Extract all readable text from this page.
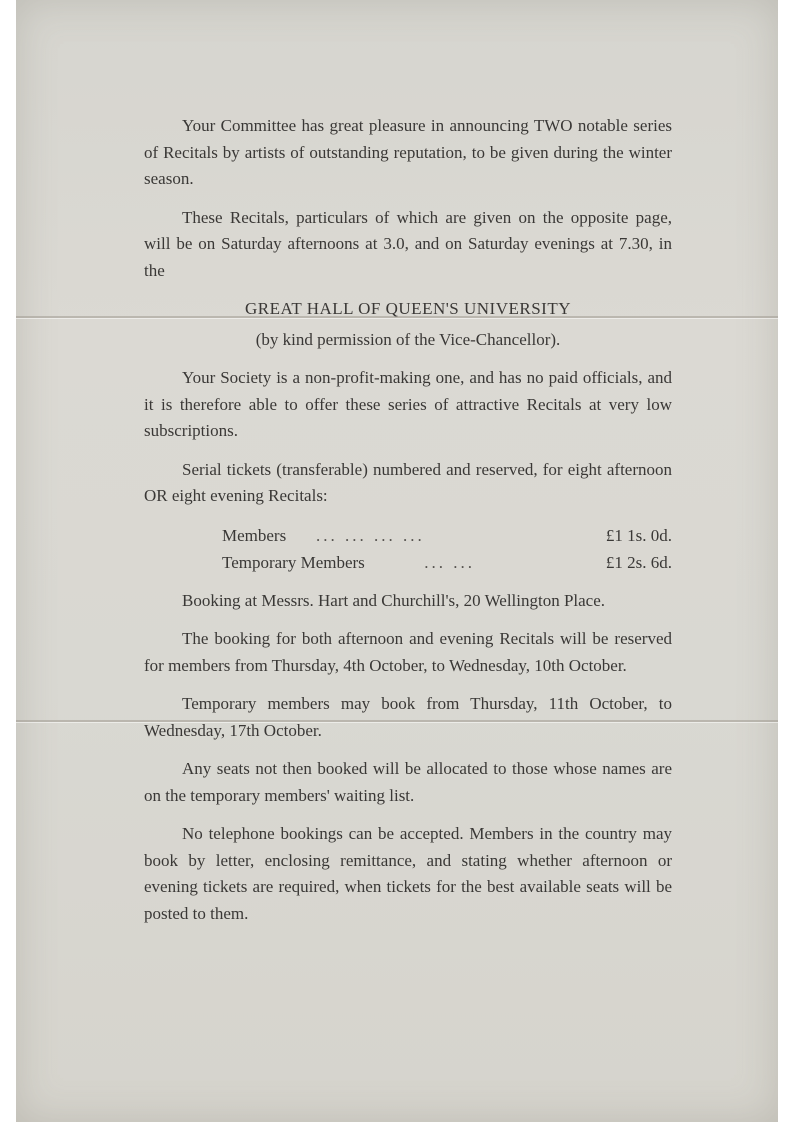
Your Committee has great pleasure in announcing TWO notable series of Recitals by artists of outstanding reputation, to be given during the winter season.

These Recitals, particulars of which are given on the opposite page, will be on Saturday afternoons at 3.0, and on Saturday evenings at 7.30, in the

GREAT HALL OF QUEEN'S UNIVERSITY
(by kind permission of the Vice-Chancellor).

Your Society is a non-profit-making one, and has no paid officials, and it is therefore able to offer these series of attractive Recitals at very low subscriptions.

Serial tickets (transferable) numbered and reserved, for eight afternoon OR eight evening Recitals:

Members ... ... ... ...	£1 1s. 0d.
Temporary Members ... ...	£1 2s. 6d.

Booking at Messrs. Hart and Churchill's, 20 Wellington Place.

The booking for both afternoon and evening Recitals will be reserved for members from Thursday, 4th October, to Wednesday, 10th October.

Temporary members may book from Thursday, 11th October, to Wednesday, 17th October.

Any seats not then booked will be allocated to those whose names are on the temporary members' waiting list.

No telephone bookings can be accepted. Members in the country may book by letter, enclosing remittance, and stating whether afternoon or evening tickets are required, when tickets for the best available seats will be posted to them.
